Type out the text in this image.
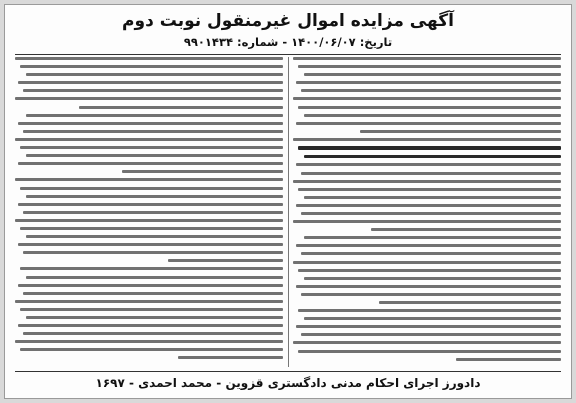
آگهی مزایده اموال غیرمنقول نوبت دوم
تاریخ: ۱۴۰۰/۰۶/۰۷ - شماره: ۹۹۰۱۴۳۴
دادورز اجرای احکام مدنی دادگستری قزوین - محمد احمدی - ۱۶۹۷
